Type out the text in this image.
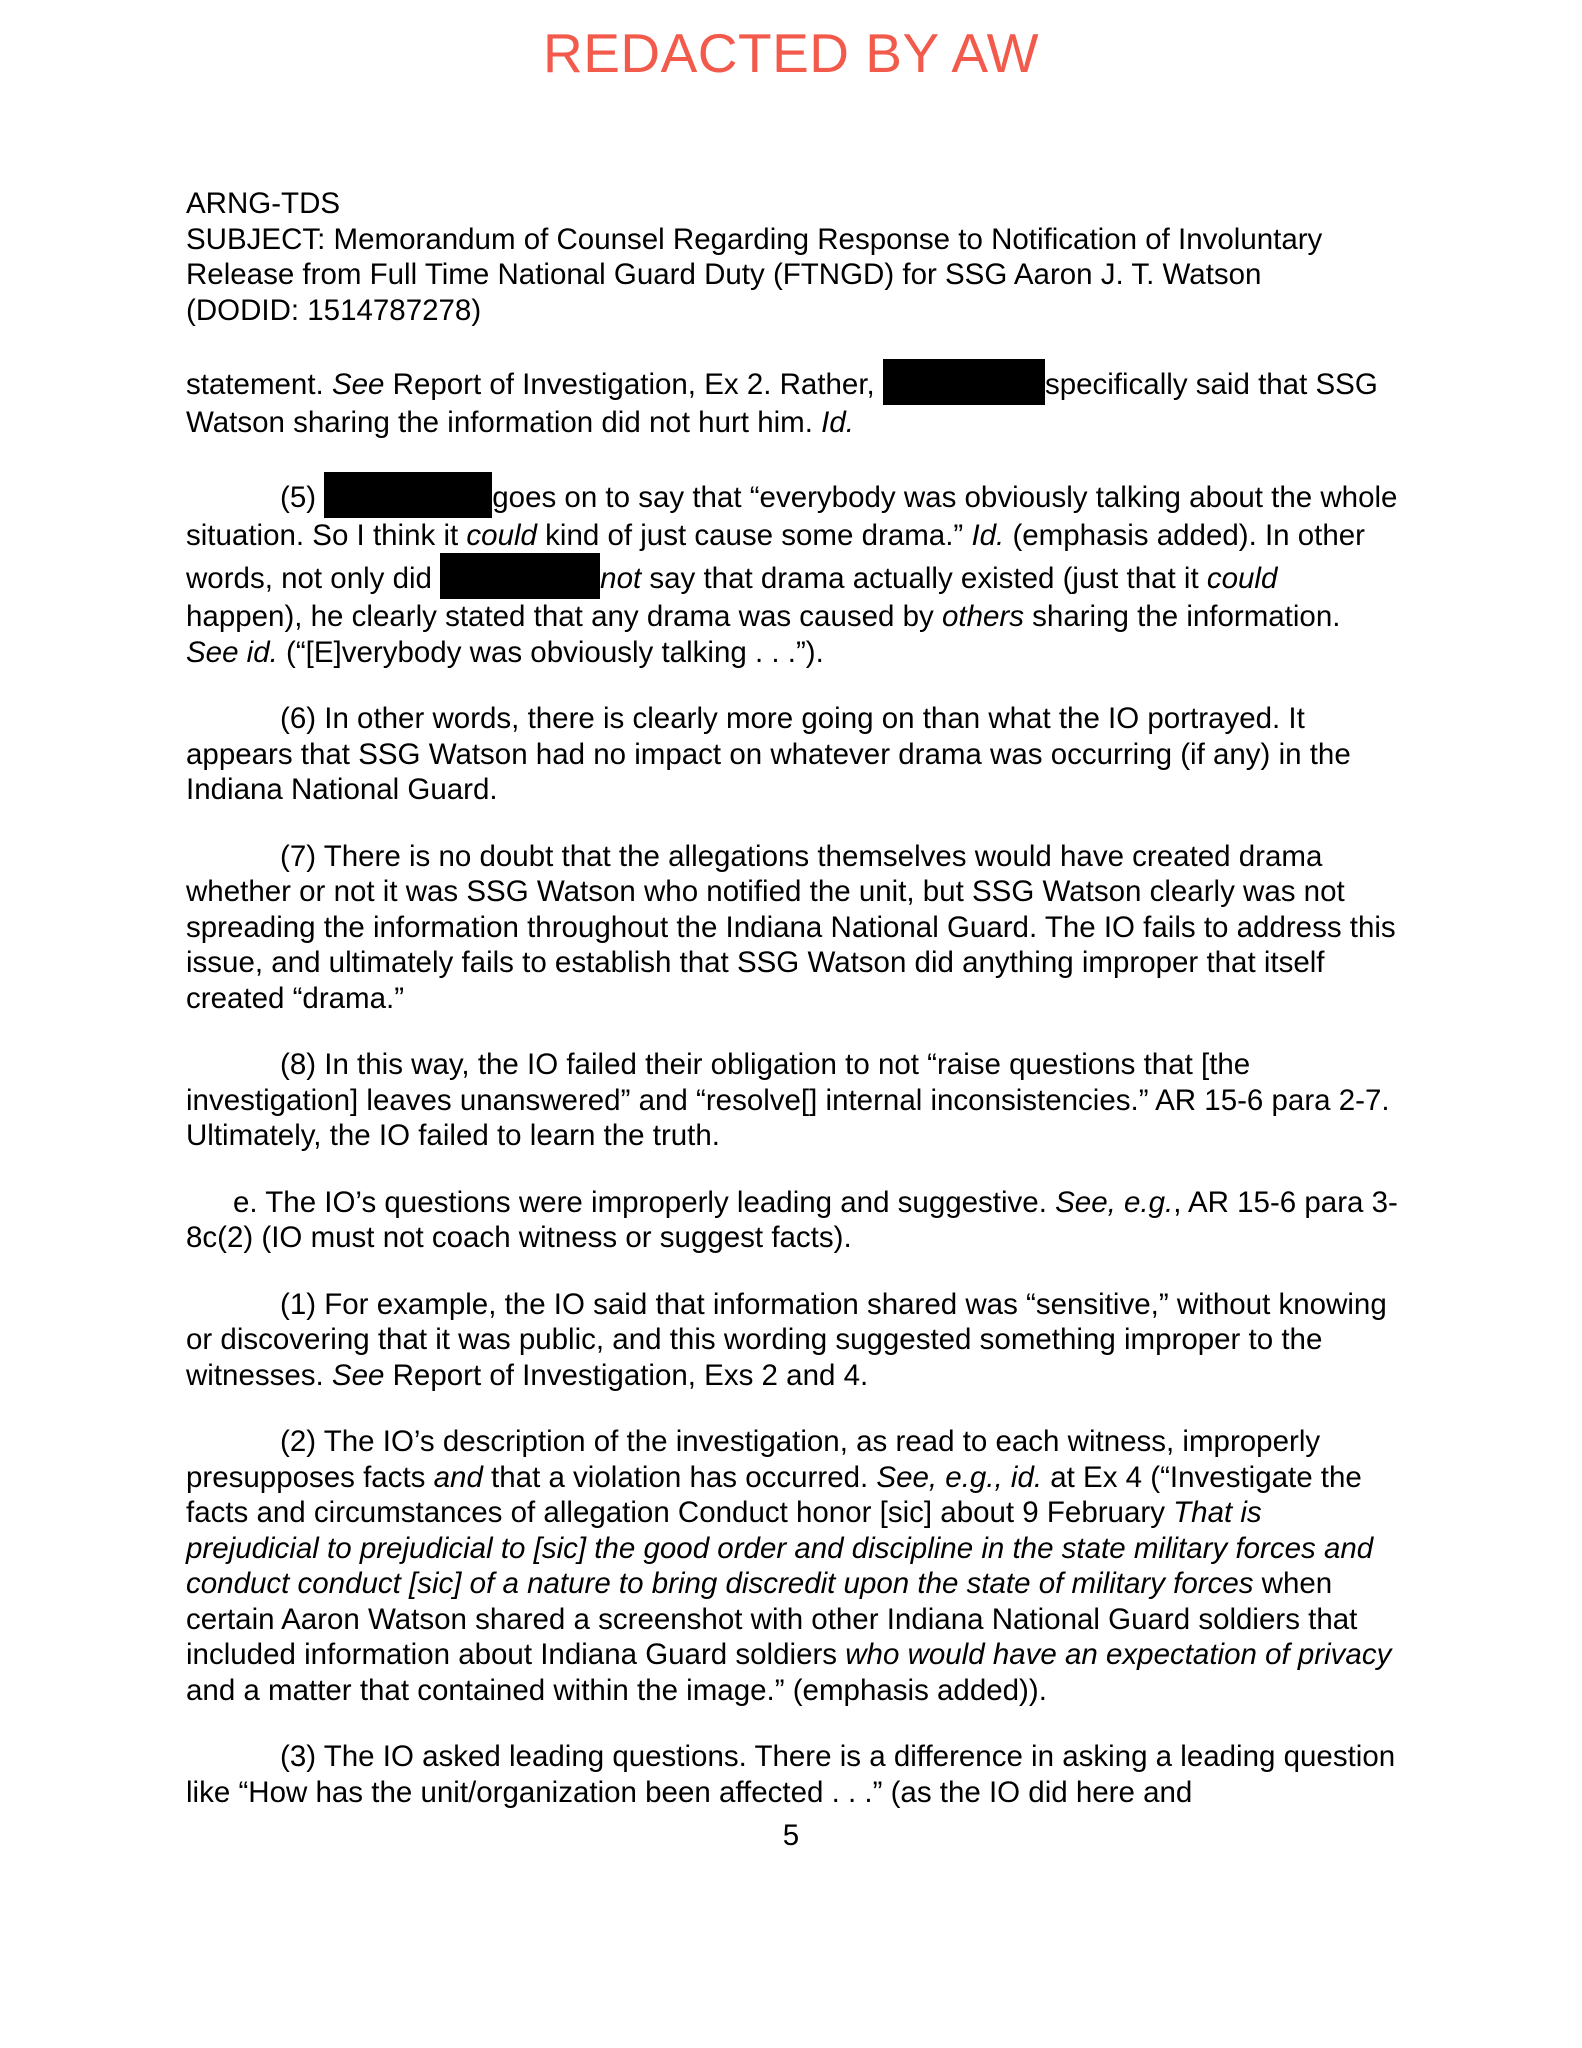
REDACTED BY AW
ARNG-TDS
SUBJECT: Memorandum of Counsel Regarding Response to Notification of Involuntary
Release from Full Time National Guard Duty (FTNGD) for SSG Aaron J. T. Watson
(DODID: 1514787278)

statement. See Report of Investigation, Ex 2. Rather,	specifically said that SSG Watson sharing the information did not hurt him. Id.

(5)	goes on to say that “everybody was obviously talking about the whole situation. So I think it could kind of just cause some drama.” Id. (emphasis added). In other words, not only did	not say that drama actually existed (just that it could happen), he clearly stated that any drama was caused by others sharing the information. See id. (“[E]verybody was obviously talking . . .”).

(6) In other words, there is clearly more going on than what the IO portrayed. It appears that SSG Watson had no impact on whatever drama was occurring (if any) in the Indiana National Guard.

(7) There is no doubt that the allegations themselves would have created drama whether or not it was SSG Watson who notified the unit, but SSG Watson clearly was not spreading the information throughout the Indiana National Guard. The IO fails to address this issue, and ultimately fails to establish that SSG Watson did anything improper that itself created “drama.”

(8) In this way, the IO failed their obligation to not “raise questions that [the investigation] leaves unanswered” and “resolve[] internal inconsistencies.” AR 15-6 para 2-7. Ultimately, the IO failed to learn the truth.

e. The IO’s questions were improperly leading and suggestive. See, e.g., AR 15-6 para 3-8c(2) (IO must not coach witness or suggest facts).

(1) For example, the IO said that information shared was “sensitive,” without knowing or discovering that it was public, and this wording suggested something improper to the witnesses. See Report of Investigation, Exs 2 and 4.

(2) The IO’s description of the investigation, as read to each witness, improperly presupposes facts and that a violation has occurred. See, e.g., id. at Ex 4 (“Investigate the facts and circumstances of allegation Conduct honor [sic] about 9 February That is prejudicial to prejudicial to [sic] the good order and discipline in the state military forces and conduct conduct [sic] of a nature to bring discredit upon the state of military forces when certain Aaron Watson shared a screenshot with other Indiana National Guard soldiers that included information about Indiana Guard soldiers who would have an expectation of privacy and a matter that contained within the image.” (emphasis added)).

(3) The IO asked leading questions. There is a difference in asking a leading question like “How has the unit/organization been affected . . .” (as the IO did here and

5
